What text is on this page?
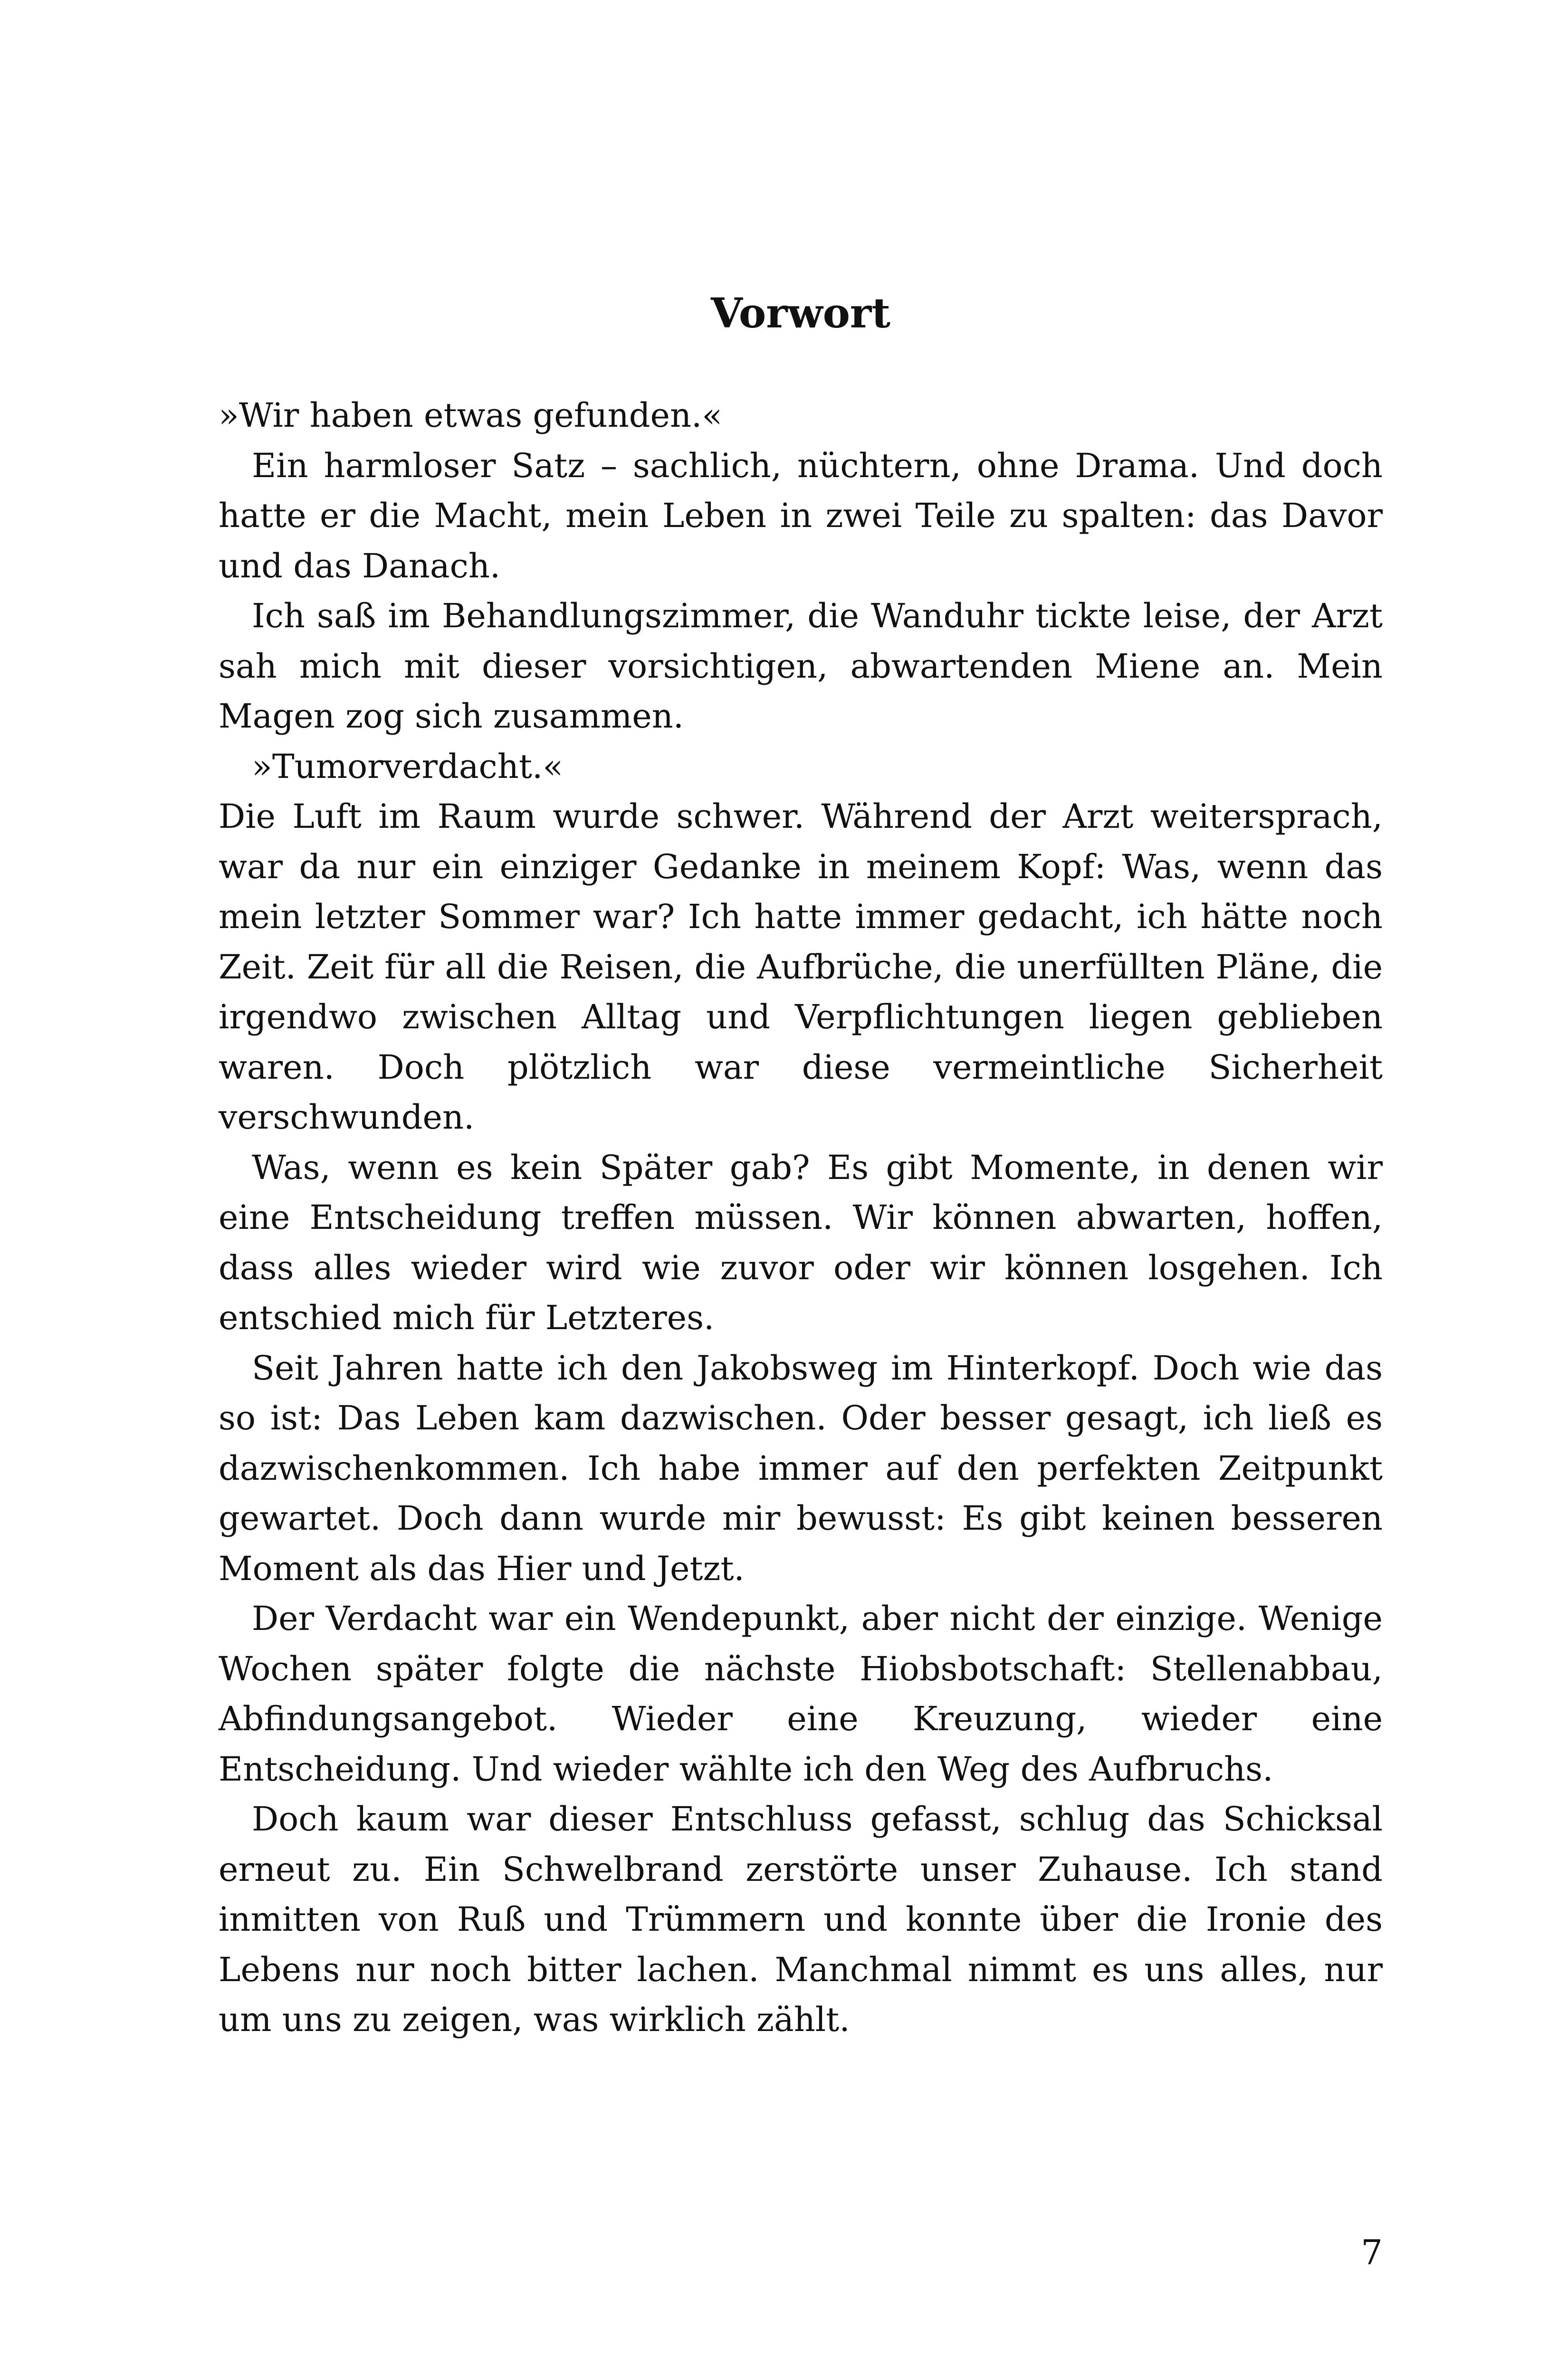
Vorwort

»Wir haben etwas gefunden.«

Ein harmloser Satz – sachlich, nüchtern, ohne Drama. Und doch hatte er die Macht, mein Leben in zwei Teile zu spalten: das Davor und das Danach.

Ich saß im Behandlungszimmer, die Wanduhr tickte leise, der Arzt sah mich mit dieser vorsichtigen, abwartenden Miene an. Mein Magen zog sich zusammen.

»Tumorverdacht.«

Die Luft im Raum wurde schwer. Während der Arzt weitersprach, war da nur ein einziger Gedanke in meinem Kopf: Was, wenn das mein letzter Sommer war? Ich hatte immer gedacht, ich hätte noch Zeit. Zeit für all die Reisen, die Aufbrüche, die unerfüllten Pläne, die irgendwo zwischen Alltag und Verpflichtungen liegen geblieben waren. Doch plötzlich war diese vermeintliche Sicherheit verschwunden.

Was, wenn es kein Später gab? Es gibt Momente, in denen wir eine Entscheidung treffen müssen. Wir können abwarten, hoffen, dass alles wieder wird wie zuvor oder wir können losgehen. Ich entschied mich für Letzteres.

Seit Jahren hatte ich den Jakobsweg im Hinterkopf. Doch wie das so ist: Das Leben kam dazwischen. Oder besser gesagt, ich ließ es dazwischenkommen. Ich habe immer auf den perfekten Zeitpunkt gewartet. Doch dann wurde mir bewusst: Es gibt keinen besseren Moment als das Hier und Jetzt.

Der Verdacht war ein Wendepunkt, aber nicht der einzige. Wenige Wochen später folgte die nächste Hiobsbotschaft: Stellenabbau, Abfindungsangebot. Wieder eine Kreuzung, wieder eine Entscheidung. Und wieder wählte ich den Weg des Aufbruchs.

Doch kaum war dieser Entschluss gefasst, schlug das Schicksal erneut zu. Ein Schwelbrand zerstörte unser Zuhause. Ich stand inmitten von Ruß und Trümmern und konnte über die Ironie des Lebens nur noch bitter lachen. Manchmal nimmt es uns alles, nur um uns zu zeigen, was wirklich zählt.

7
